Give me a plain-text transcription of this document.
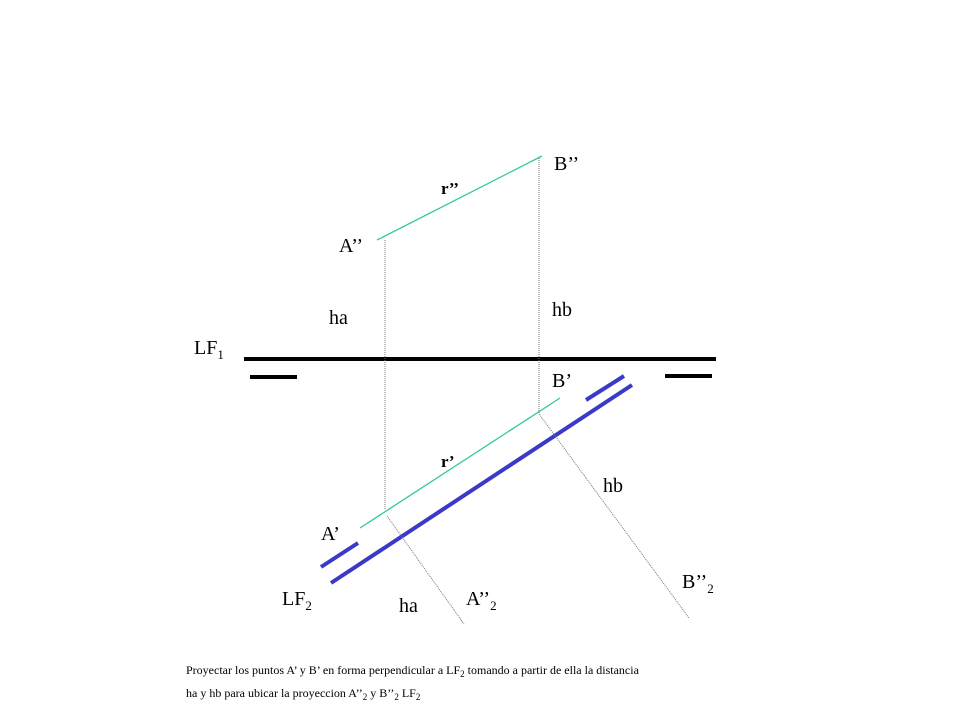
B’’
r’’
A’’
hb
ha
$LF_1$
B’
r’
hb
A’
$B’’_2$
$LF_2$	$A’’_2$
ha
Proyectar los puntos A’ y B’ en forma perpendicular a $LF_2$ tomando a partir de ella la distancia
ha y hb para ubicar la proyeccion $A’’_2$ y $B’’_2$ $LF_2$
